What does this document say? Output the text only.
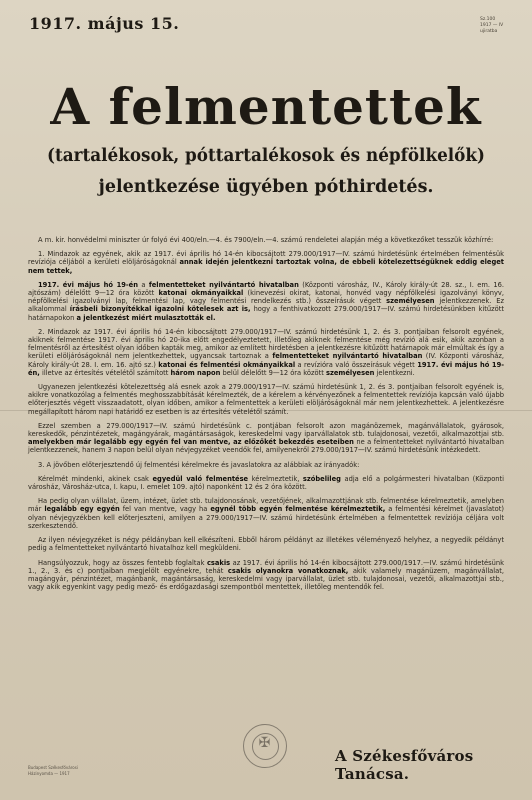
1917. május 15.	Sz.100
1917 — IV
ujiratba
A felmentettek
(tartalékosok, póttartalékosok és népfölkelők)
jelentkezése ügyében póthirdetés.

A m. kir. honvédelmi miniszter úr folyó évi 400/eln.—4. és 7900/eln.—4. számú rendeletei alapján még a következőket tesszük közhírré:

1. Mindazok az egyének, akik az 1917. évi április hó 14-én kibocsájtott 279.000/1917—IV. számú hirdetésünk értelmében felmentésük revíziója céljából a kerületi elöljáróságoknál annak idején jelentkezni tartoztak volna, de ebbeli kötelezettségüknek eddig eleget nem tettek,

1917. évi május hó 19-én a felmentetteket nyilvántartó hivatalban (Központi városház, IV., Károly király-út 28. sz., I. em. 16. ajtószám) délelőtt 9—12 óra között katonai okmányaikkal (kinevezési okirat, katonai, honvéd vagy népfölkelési igazolványi könyv, népfölkelési igazolványi lap, felmentési lap, vagy felmentési rendelkezés stb.) összeírásuk végett személyesen jelentkezzenek. Ez alkalommal írásbeli bizonyítékkal igazolni kötelesek azt is, hogy a fenthivatkozott 279.000/1917—IV. számú hirdetésünkben kitűzött határnapokon a jelentkezést miért mulasztották el.

2. Mindazok az 1917. évi április hó 14-én kibocsájtott 279.000/1917—IV. számú hirdetésünk 1, 2. és 3. pontjaiban felsorolt egyének, akiknek felmentése 1917. évi április hó 20-ika előtt engedélyeztetett, illetőleg akiknek felmentése még revízió alá esik, akik azonban a felmentésről az értesítést olyan időben kapták meg, amikor az említett hirdetésben a jelentkezésre kitűzött határnapok már elmúltak és így a kerületi elöljáróságoknál nem jelentkezhettek, ugyancsak tartoznak a felmentetteket nyilvántartó hivatalban (IV. Központi városház, Károly király-út 28. I. em. 16. ajtó sz.) katonai és felmentési okmányaikkal a revízióra való összeírásuk végett 1917. évi május hó 19-én, illetve az értesítés vételétől számított három napon belül délelőtt 9—12 óra között személyesen jelentkezni.

Ugyanezen jelentkezési kötelezettség alá esnek azok a 279.000/1917—IV. számú hirdetésünk 1, 2. és 3. pontjaiban felsorolt egyének is, akikre vonatkozólag a felmentés meghosszabbítását kérelmezték, de a kérelem a kérvényezőnek a felmentettek revíziója kapcsán való újabb előterjesztés végett visszaadatott, olyan időben, amikor a felmentettek a kerületi elöljáróságoknál már nem jelentkezhettek. A jelentkezésre megállapított három napi határidő ez esetben is az értesítés vételétől számít.

Ezzel szemben a 279.000/1917—IV. számú hirdetésünk c. pontjában felsorolt azon magánözemek, magánvállalatok, gyárosok, kereskedők, pénzintézetek, magángyárak, magántársaságok, kereskedelmi vagy iparvállalatok stb. tulajdonosai, vezetői, alkalmazottjai stb. amelyekben már legalább egy egyén fel van mentve, az előzőkét bekezdés eseteiben ne a felmentetteket nyilvántartó hivatalban jelentkezzenek, hanem 3 napon belül olyan névjegyzéket veendők fel, amilyenekről 279.000/1917—IV. számú hirdetésünk intézkedett.

3. A jövőben előterjesztendő új felmentési kérelmekre és javaslatokra az alábbiak az irányadók:

Kérelmét mindenki, akinek csak egyedül való felmentése kérelmeztetik, szóbelileg adja elő a polgármesteri hivatalban (Központi városház, Városház-utca, I. kapu, I. emelet 109. ajtó) naponként 12 és 2 óra között.

Ha pedig olyan vállalat, üzem, intézet, üzlet stb. tulajdonosának, vezetőjének, alkalmazottjának stb. felmentése kérelmeztetik, amelyben már legalább egy egyén fel van mentve, vagy ha egynél több egyén felmentése kérelmeztetik, a felmentési kérelmet (javaslatot) olyan névjegyzékben kell előterjeszteni, amilyen a 279.000/1917—IV. számú hirdetésünk értelmében a felmentettek revíziója céljára volt szerkesztendő.

Az ilyen névjegyzéket is négy példányban kell elkészíteni. Ebből három példányt az illetékes véleményező helyhez, a negyedik példányt pedig a felmentetteket nyilvántartó hivatalhoz kell megküldeni.

Hangsúlyozzuk, hogy az összes fentebb foglaltak csakis az 1917. évi április hó 14-én kibocsájtott 279.000/1917.—IV. számú hirdetésünk 1., 2., 3. és c) pontjaiban megjelölt egyénekre, tehát csakis olyanokra vonatkoznak, akik valamely magánüzem, magánvállalat, magángyár, pénzintézet, magánbank, magántársaság, kereskedelmi vagy iparvállalat, üzlet stb. tulajdonosai, vezetői, alkalmazottjai stb., vagy akik egyenkint vagy pedig mező- és erdőgazdasági szempontból mentettek, illetőleg mentendők fel.

✠
A Székesfőváros Tanácsa.
Budapest Székesfővárosi
Házinyomda — 1917
